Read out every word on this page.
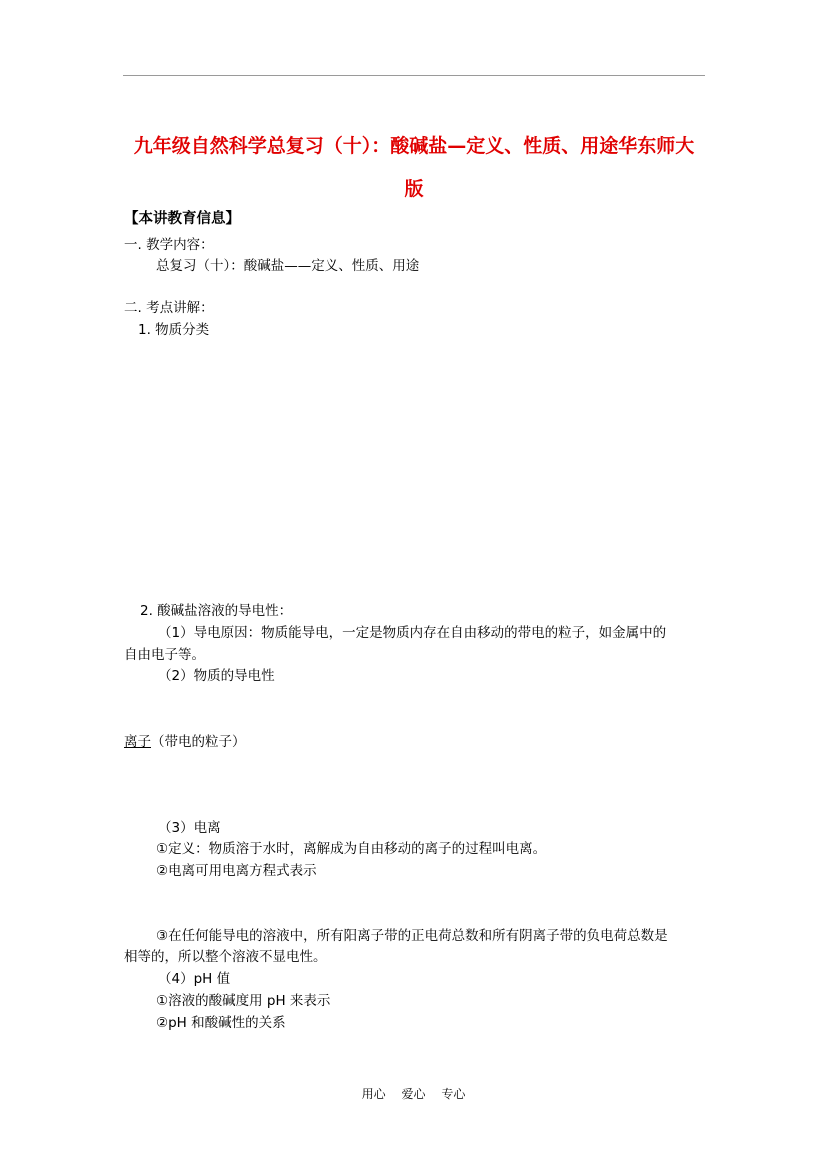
九年级自然科学总复习（十）：酸碱盐—定义、性质、用途华东师大
版
【本讲教育信息】
一. 教学内容：
总复习（十）：酸碱盐——定义、性质、用途
二. 考点讲解：
1. 物质分类
2. 酸碱盐溶液的导电性：
（1）导电原因：物质能导电，一定是物质内存在自由移动的带电的粒子，如金属中的
自由电子等。
（2）物质的导电性
离子（带电的粒子）
（3）电离
①定义：物质溶于水时，离解成为自由移动的离子的过程叫电离。
②电离可用电离方程式表示
③在任何能导电的溶液中，所有阳离子带的正电荷总数和所有阴离子带的负电荷总数是
相等的，所以整个溶液不显电性。
（4）pH 值
①溶液的酸碱度用 pH 来表示
②pH 和酸碱性的关系
用心 爱心 专心
